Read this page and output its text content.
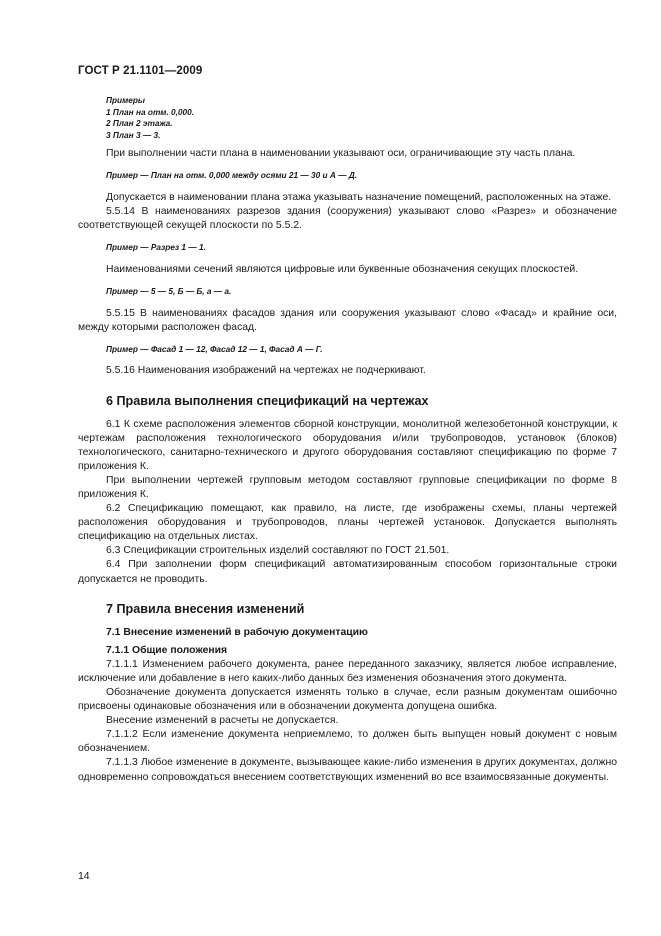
ГОСТ Р 21.1101—2009

Примеры

1 План на отм. 0,000.

2 План 2 этажа.

3 План 3 — 3.

При выполнении части плана в наименовании указывают оси, ограничивающие эту часть плана.

Пример — План на отм. 0,000 между осями 21 — 30 и А — Д.

Допускается в наименовании плана этажа указывать назначение помещений, расположенных на этаже.

5.5.14 В наименованиях разрезов здания (сооружения) указывают слово «Разрез» и обозначение соответствующей секущей плоскости по 5.5.2.

Пример — Разрез 1 — 1.

Наименованиями сечений являются цифровые или буквенные обозначения секущих плоскостей.

Пример — 5 — 5, Б — Б, а — а.

5.5.15 В наименованиях фасадов здания или сооружения указывают слово «Фасад» и крайние оси, между которыми расположен фасад.

Пример — Фасад 1 — 12, Фасад 12 — 1, Фасад А — Г.

5.5.16 Наименования изображений на чертежах не подчеркивают.

6 Правила выполнения спецификаций на чертежах

6.1 К схеме расположения элементов сборной конструкции, монолитной железобетонной конструкции, к чертежам расположения технологического оборудования и/или трубопроводов, установок (блоков) технологического, санитарно-технического и другого оборудования составляют спецификацию по форме 7 приложения К.

При выполнении чертежей групповым методом составляют групповые спецификации по форме 8 приложения К.

6.2 Спецификацию помещают, как правило, на листе, где изображены схемы, планы чертежей расположения оборудования и трубопроводов, планы чертежей установок. Допускается выполнять спецификацию на отдельных листах.

6.3 Спецификации строительных изделий составляют по ГОСТ 21.501.

6.4 При заполнении форм спецификаций автоматизированным способом горизонтальные строки допускается не проводить.

7 Правила внесения изменений

7.1 Внесение изменений в рабочую документацию

7.1.1 Общие положения

7.1.1.1 Изменением рабочего документа, ранее переданного заказчику, является любое исправление, исключение или добавление в него каких-либо данных без изменения обозначения этого документа.

Обозначение документа допускается изменять только в случае, если разным документам ошибочно присвоены одинаковые обозначения или в обозначении документа допущена ошибка.

Внесение изменений в расчеты не допускается.

7.1.1.2 Если изменение документа неприемлемо, то должен быть выпущен новый документ с новым обозначением.

7.1.1.3 Любое изменение в документе, вызывающее какие-либо изменения в других документах, должно одновременно сопровождаться внесением соответствующих изменений во все взаимосвязанные документы.

14
